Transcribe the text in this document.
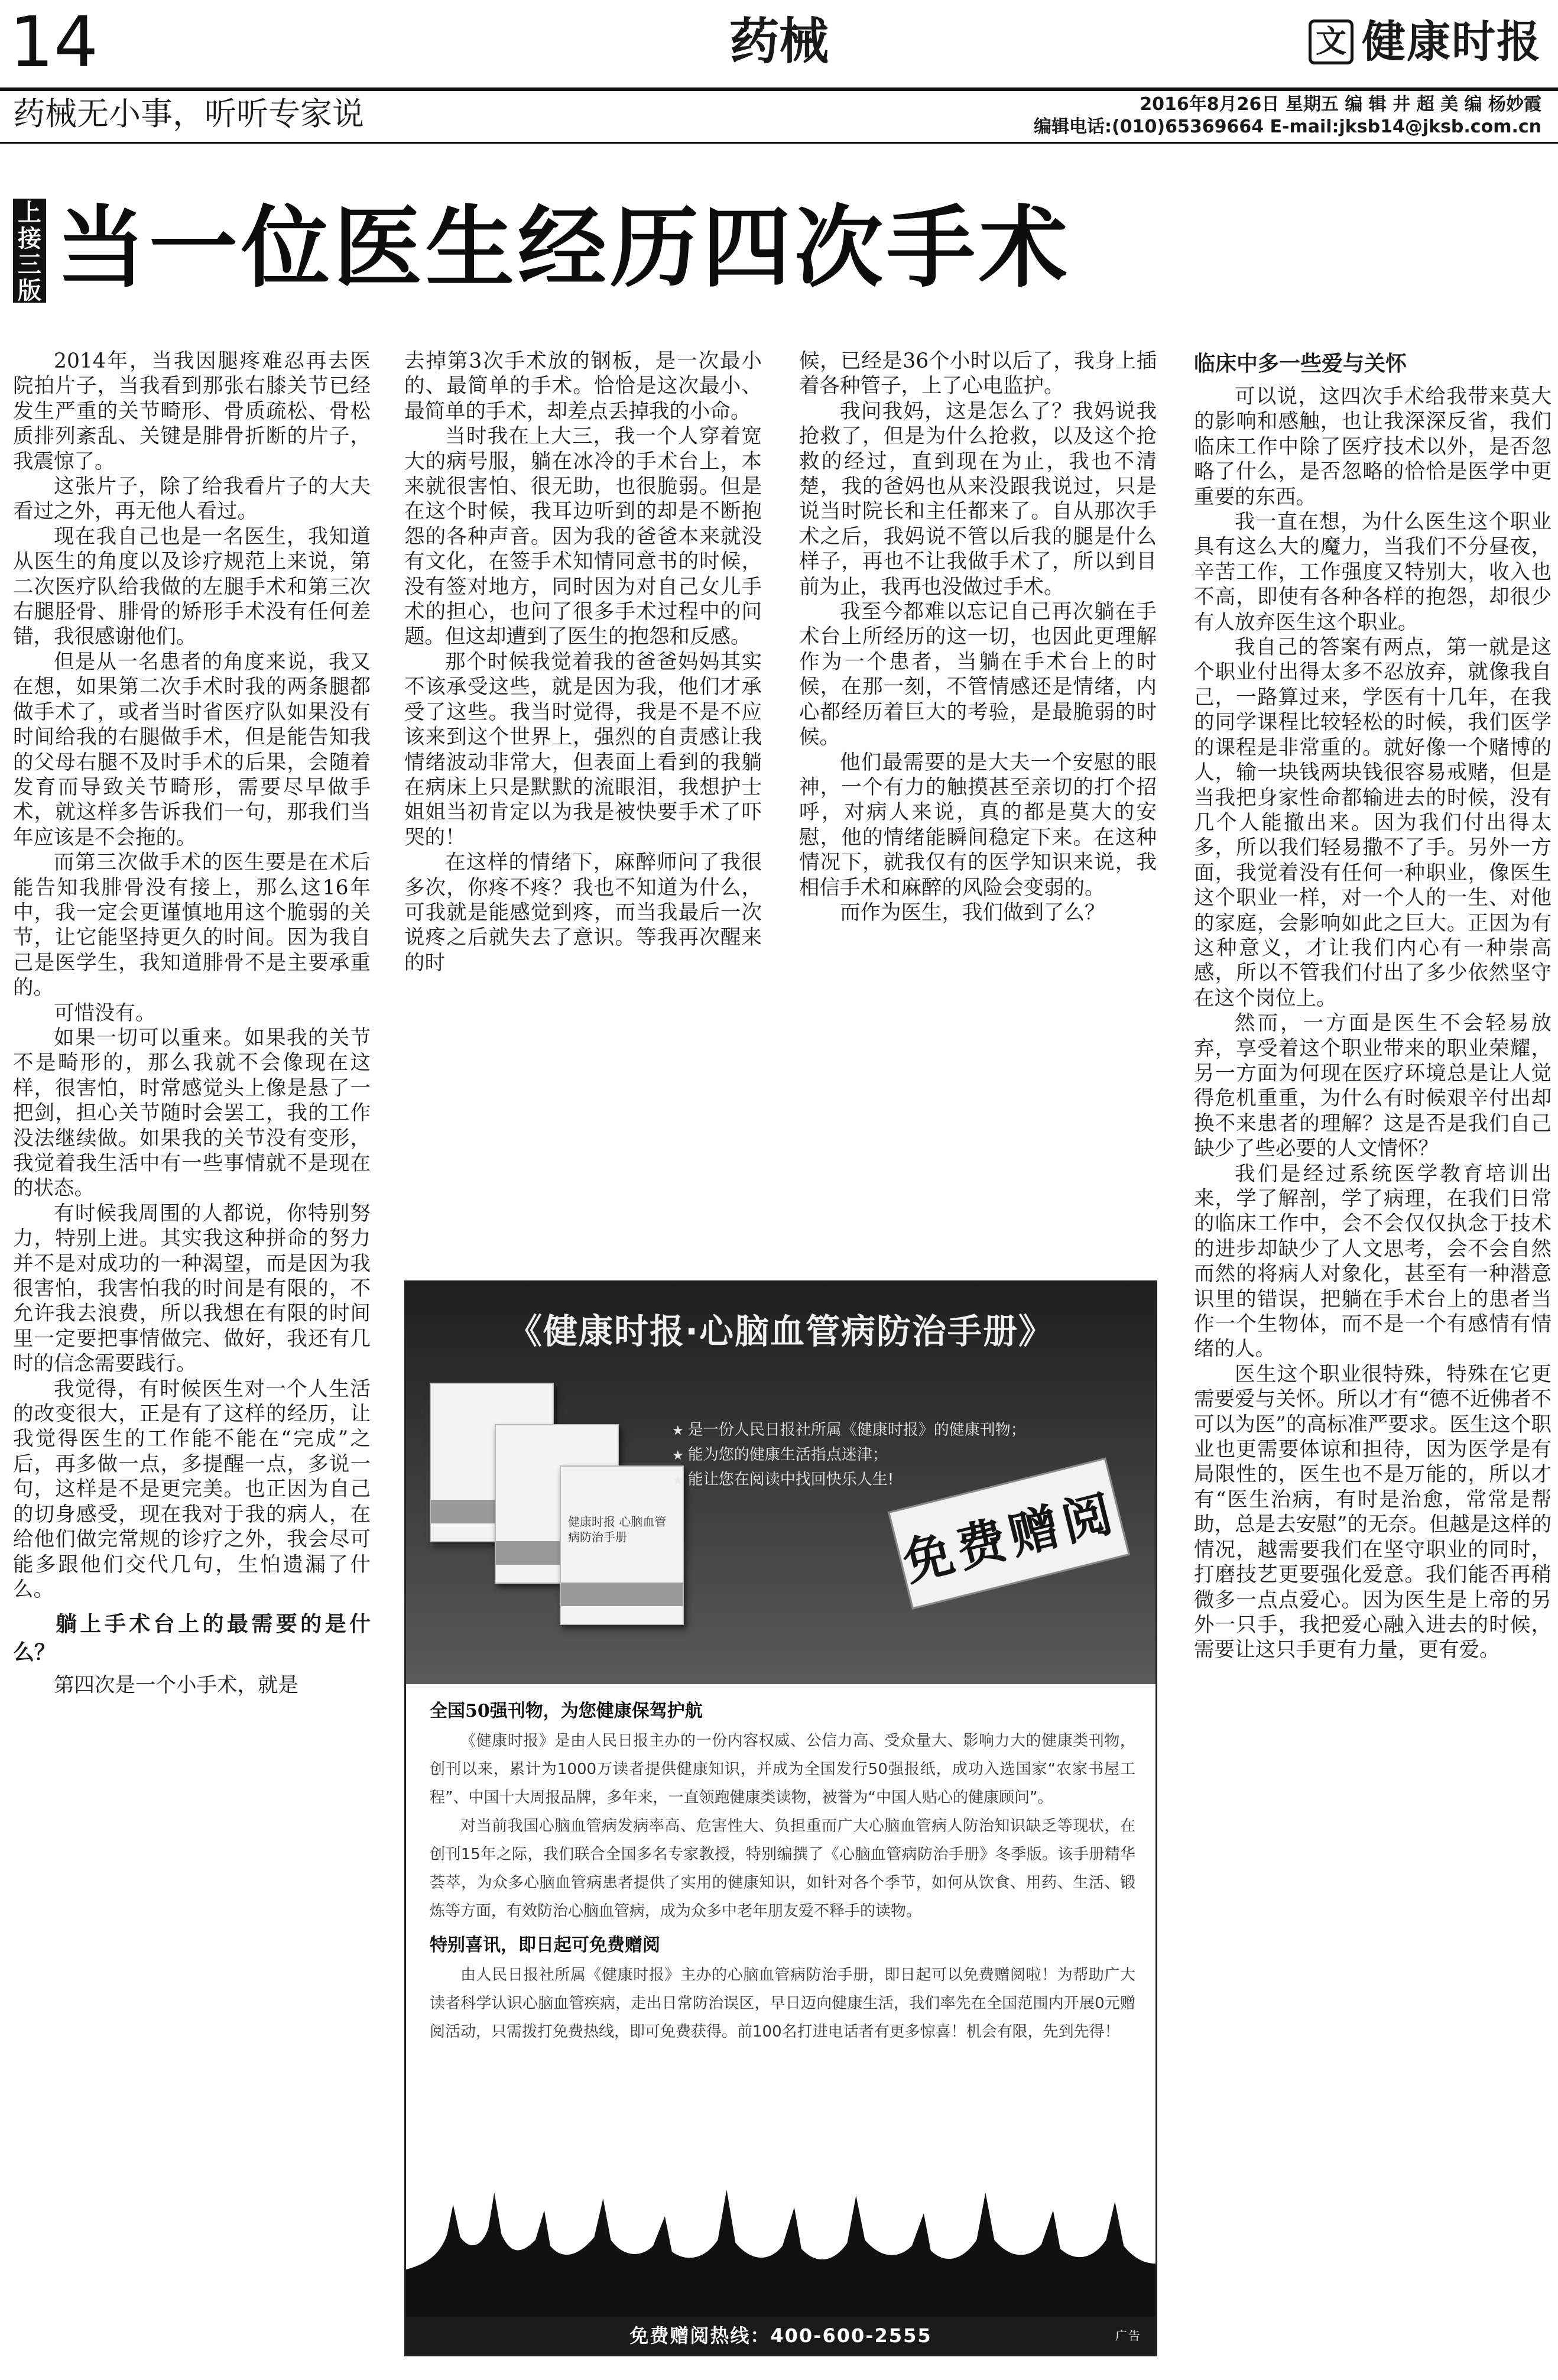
14	药械	文 健康时报
药械无小事，听听专家说	2016年8月26日 星期五 编 辑 井 超 美 编 杨妙霞
编辑电话:(010)65369664 E-mail:jksb14@jksb.com.cn
上接三版 当一位医生经历四次手术

2014年，当我因腿疼难忍再去医院拍片子，当我看到那张右膝关节已经发生严重的关节畸形、骨质疏松、骨松质排列紊乱、关键是腓骨折断的片子，我震惊了。

这张片子，除了给我看片子的大夫看过之外，再无他人看过。

现在我自己也是一名医生，我知道从医生的角度以及诊疗规范上来说，第二次医疗队给我做的左腿手术和第三次右腿胫骨、腓骨的矫形手术没有任何差错，我很感谢他们。

但是从一名患者的角度来说，我又在想，如果第二次手术时我的两条腿都做手术了，或者当时省医疗队如果没有时间给我的右腿做手术，但是能告知我的父母右腿不及时手术的后果，会随着发育而导致关节畸形，需要尽早做手术，就这样多告诉我们一句，那我们当年应该是不会拖的。

而第三次做手术的医生要是在术后能告知我腓骨没有接上，那么这16年中，我一定会更谨慎地用这个脆弱的关节，让它能坚持更久的时间。因为我自己是医学生，我知道腓骨不是主要承重的。

可惜没有。

如果一切可以重来。如果我的关节不是畸形的，那么我就不会像现在这样，很害怕，时常感觉头上像是悬了一把剑，担心关节随时会罢工，我的工作没法继续做。如果我的关节没有变形，我觉着我生活中有一些事情就不是现在的状态。

有时候我周围的人都说，你特别努力，特别上进。其实我这种拼命的努力并不是对成功的一种渴望，而是因为我很害怕，我害怕我的时间是有限的，不允许我去浪费，所以我想在有限的时间里一定要把事情做完、做好，我还有几时的信念需要践行。

我觉得，有时候医生对一个人生活的改变很大，正是有了这样的经历，让我觉得医生的工作能不能在“完成”之后，再多做一点，多提醒一点，多说一句，这样是不是更完美。也正因为自己的切身感受，现在我对于我的病人，在给他们做完常规的诊疗之外，我会尽可能多跟他们交代几句，生怕遗漏了什么。

躺上手术台上的最需要的是什么？

第四次是一个小手术，就是

去掉第3次手术放的钢板，是一次最小的、最简单的手术。恰恰是这次最小、最简单的手术，却差点丢掉我的小命。

当时我在上大三，我一个人穿着宽大的病号服，躺在冰冷的手术台上，本来就很害怕、很无助，也很脆弱。但是在这个时候，我耳边听到的却是不断抱怨的各种声音。因为我的爸爸本来就没有文化，在签手术知情同意书的时候，没有签对地方，同时因为对自己女儿手术的担心，也问了很多手术过程中的问题。但这却遭到了医生的抱怨和反感。

那个时候我觉着我的爸爸妈妈其实不该承受这些，就是因为我，他们才承受了这些。我当时觉得，我是不是不应该来到这个世界上，强烈的自责感让我情绪波动非常大，但表面上看到的我躺在病床上只是默默的流眼泪，我想护士姐姐当初肯定以为我是被快要手术了吓哭的！

在这样的情绪下，麻醉师问了我很多次，你疼不疼？我也不知道为什么，可我就是能感觉到疼，而当我最后一次说疼之后就失去了意识。等我再次醒来的时

候，已经是36个小时以后了，我身上插着各种管子，上了心电监护。

我问我妈，这是怎么了？我妈说我抢救了，但是为什么抢救，以及这个抢救的经过，直到现在为止，我也不清楚，我的爸妈也从来没跟我说过，只是说当时院长和主任都来了。自从那次手术之后，我妈说不管以后我的腿是什么样子，再也不让我做手术了，所以到目前为止，我再也没做过手术。

我至今都难以忘记自己再次躺在手术台上所经历的这一切，也因此更理解作为一个患者，当躺在手术台上的时候，在那一刻，不管情感还是情绪，内心都经历着巨大的考验，是最脆弱的时候。

他们最需要的是大夫一个安慰的眼神，一个有力的触摸甚至亲切的打个招呼，对病人来说，真的都是莫大的安慰，他的情绪能瞬间稳定下来。在这种情况下，就我仅有的医学知识来说，我相信手术和麻醉的风险会变弱的。

而作为医生，我们做到了么？

临床中多一些爱与关怀

可以说，这四次手术给我带来莫大的影响和感触，也让我深深反省，我们临床工作中除了医疗技术以外，是否忽略了什么，是否忽略的恰恰是医学中更重要的东西。

我一直在想，为什么医生这个职业具有这么大的魔力，当我们不分昼夜，辛苦工作，工作强度又特别大，收入也不高，即使有各种各样的抱怨，却很少有人放弃医生这个职业。

我自己的答案有两点，第一就是这个职业付出得太多不忍放弃，就像我自己，一路算过来，学医有十几年，在我的同学课程比较轻松的时候，我们医学的课程是非常重的。就好像一个赌博的人，输一块钱两块钱很容易戒赌，但是当我把身家性命都输进去的时候，没有几个人能撤出来。因为我们付出得太多，所以我们轻易撒不了手。另外一方面，我觉着没有任何一种职业，像医生这个职业一样，对一个人的一生、对他的家庭，会影响如此之巨大。正因为有这种意义，才让我们内心有一种崇高感，所以不管我们付出了多少依然坚守在这个岗位上。

然而，一方面是医生不会轻易放弃，享受着这个职业带来的职业荣耀，另一方面为何现在医疗环境总是让人觉得危机重重，为什么有时候艰辛付出却换不来患者的理解？这是否是我们自己缺少了些必要的人文情怀？

我们是经过系统医学教育培训出来，学了解剖，学了病理，在我们日常的临床工作中，会不会仅仅执念于技术的进步却缺少了人文思考，会不会自然而然的将病人对象化，甚至有一种潜意识里的错误，把躺在手术台上的患者当作一个生物体，而不是一个有感情有情绪的人。

医生这个职业很特殊，特殊在它更需要爱与关怀。所以才有“德不近佛者不可以为医”的高标准严要求。医生这个职业也更需要体谅和担待，因为医学是有局限性的，医生也不是万能的，所以才有“医生治病，有时是治愈，常常是帮助，总是去安慰”的无奈。但越是这样的情况，越需要我们在坚守职业的同时，打磨技艺更要强化爱意。我们能否再稍微多一点点爱心。因为医生是上帝的另外一只手，我把爱心融入进去的时候，需要让这只手更有力量，更有爱。

《健康时报·心脑血管病防治手册》
健康时报 心脑血管病防治手册
★ 是一份人民日报社所属《健康时报》的健康刊物；
★ 能为您的健康生活指点迷津；
★ 能让您在阅读中找回快乐人生!
免费赠阅
全国50强刊物，为您健康保驾护航

《健康时报》是由人民日报主办的一份内容权威、公信力高、受众量大、影响力大的健康类刊物，创刊以来，累计为1000万读者提供健康知识，并成为全国发行50强报纸，成功入选国家“农家书屋工程”、中国十大周报品牌，多年来，一直领跑健康类读物，被誉为“中国人贴心的健康顾问”。

对当前我国心脑血管病发病率高、危害性大、负担重而广大心脑血管病人防治知识缺乏等现状，在创刊15年之际，我们联合全国多名专家教授，特别编撰了《心脑血管病防治手册》冬季版。该手册精华荟萃，为众多心脑血管病患者提供了实用的健康知识，如针对各个季节，如何从饮食、用药、生活、锻炼等方面，有效防治心脑血管病，成为众多中老年朋友爱不释手的读物。

特别喜讯，即日起可免费赠阅

由人民日报社所属《健康时报》主办的心脑血管病防治手册，即日起可以免费赠阅啦！为帮助广大读者科学认识心脑血管疾病，走出日常防治误区，早日迈向健康生活，我们率先在全国范围内开展0元赠阅活动，只需拨打免费热线，即可免费获得。前100名打进电话者有更多惊喜！机会有限，先到先得！

免费赠阅热线：400-600-2555	广告
